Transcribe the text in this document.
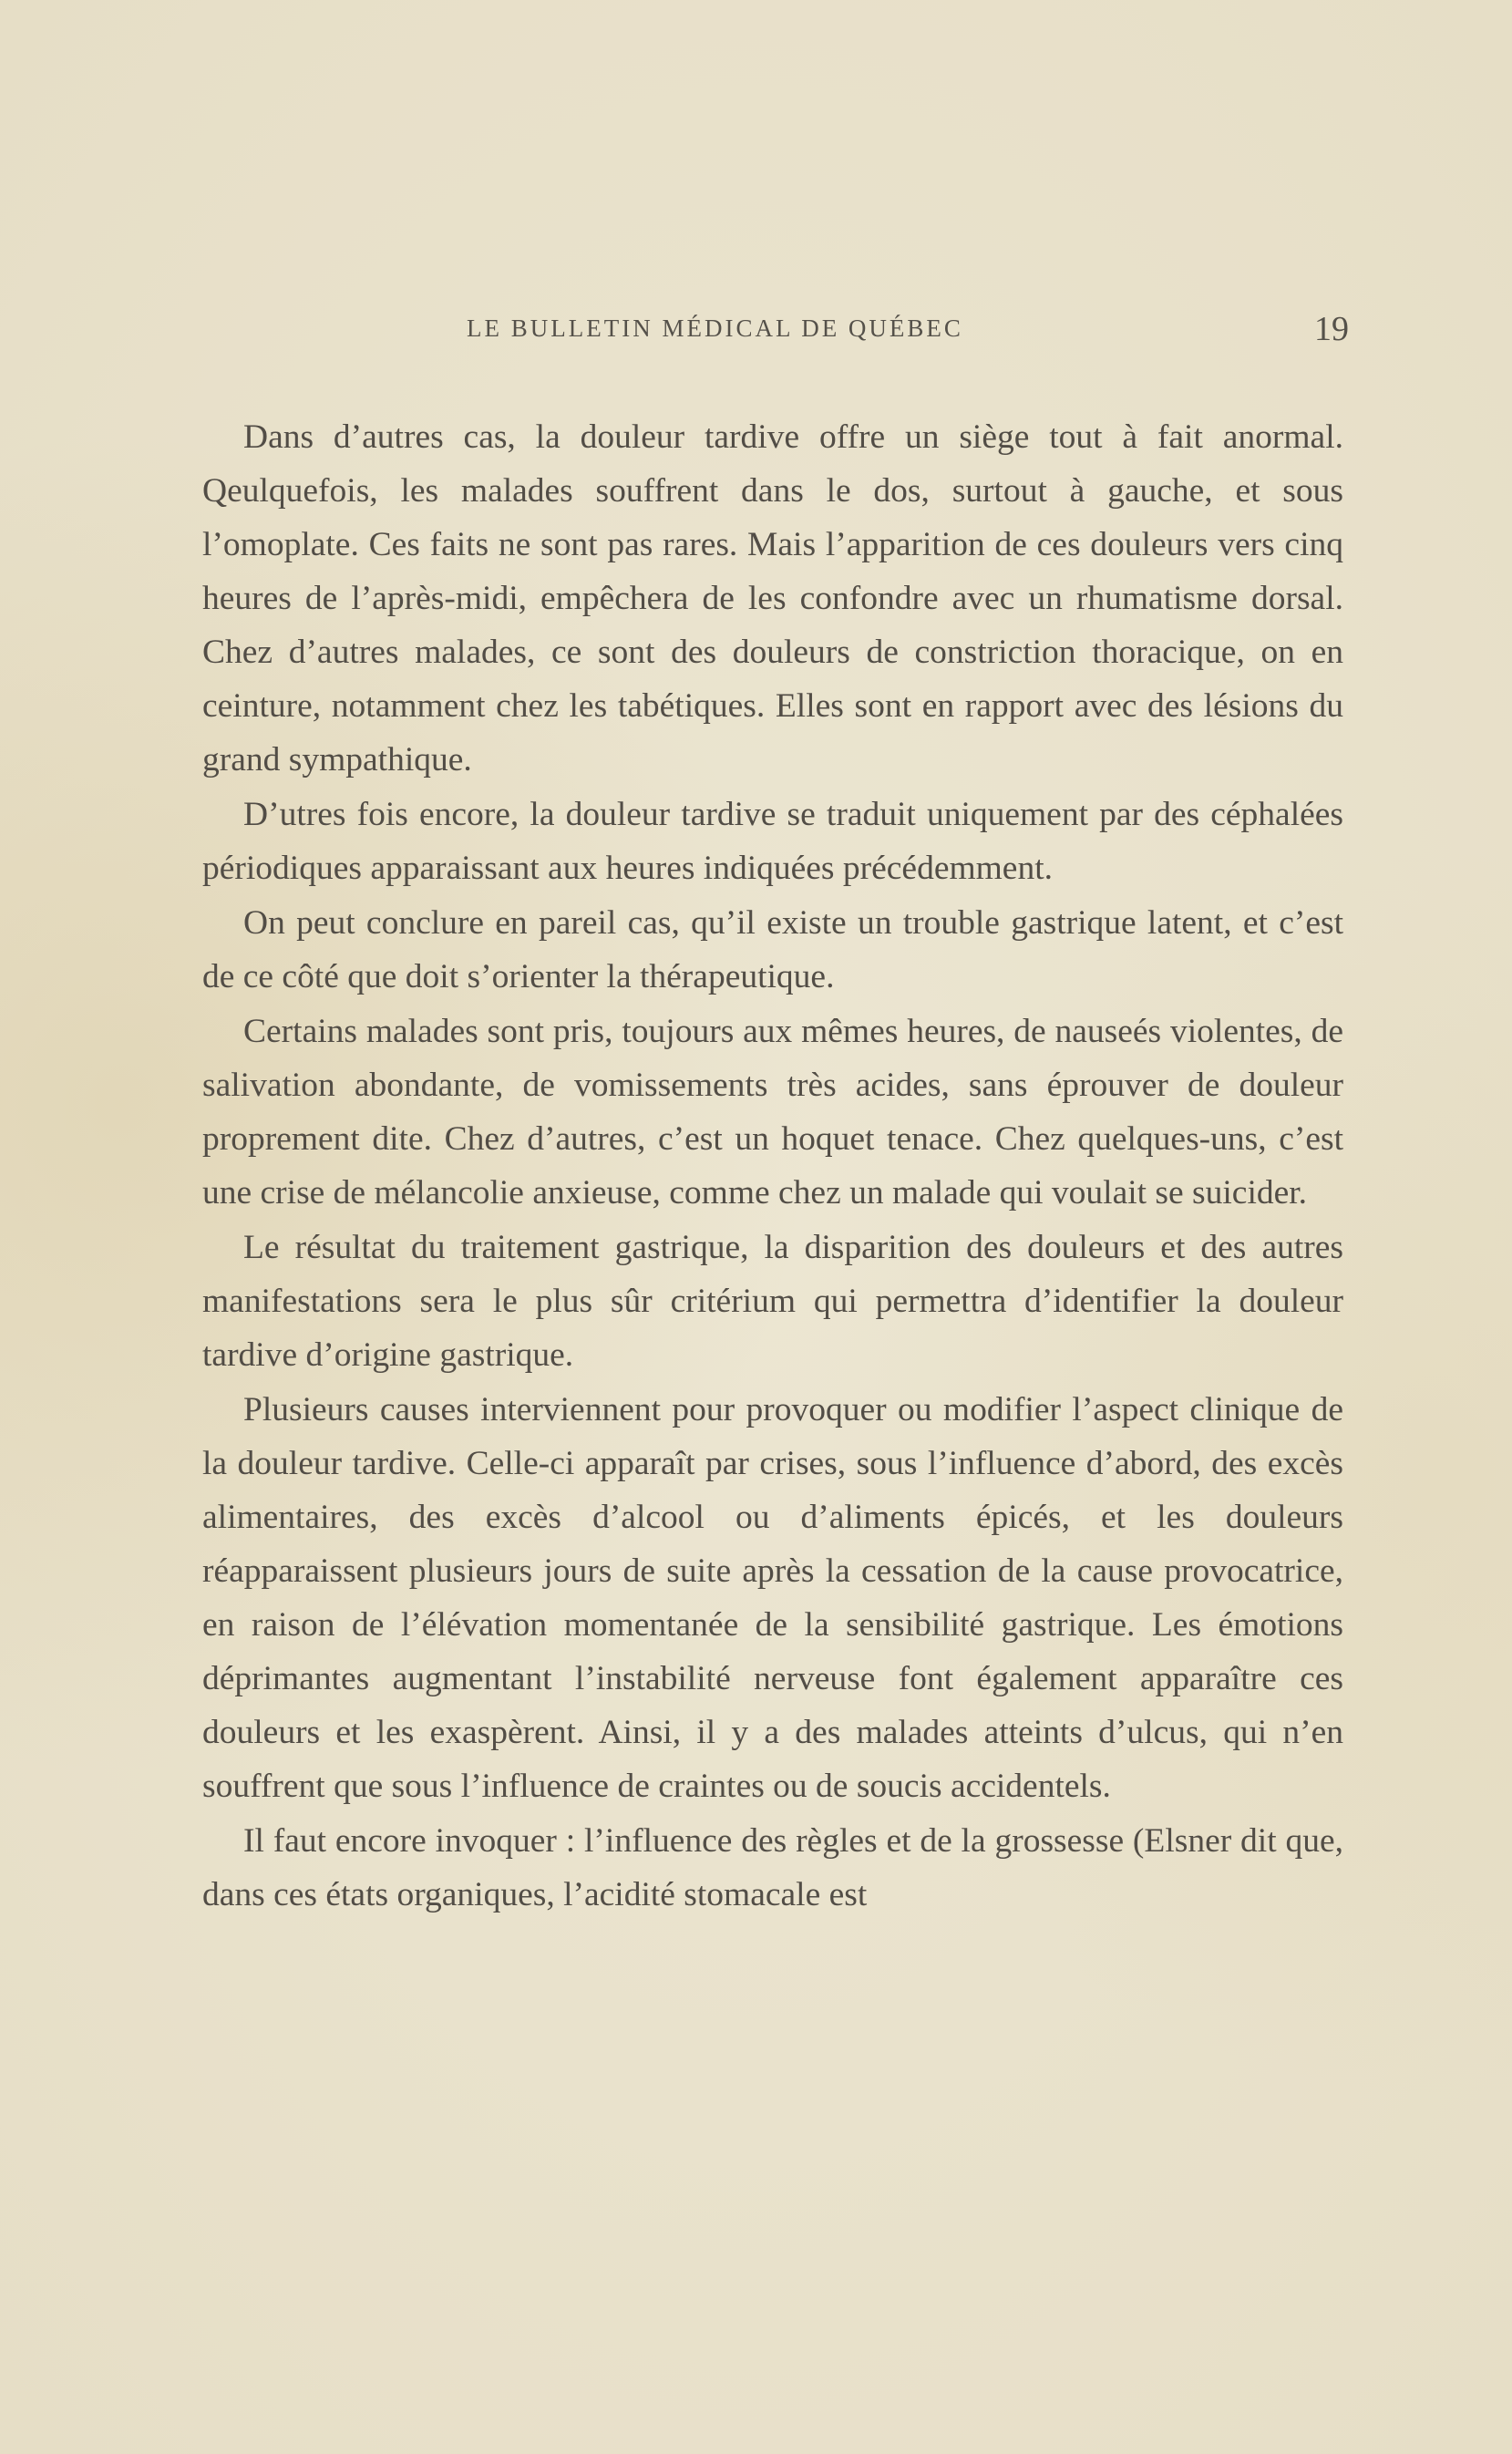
LE BULLETIN MÉDICAL DE QUÉBEC	19

Dans d’autres cas, la douleur tardive offre un siège tout à fait anormal. Qeulquefois, les malades souffrent dans le dos, surtout à gauche, et sous l’omoplate. Ces faits ne sont pas rares. Mais l’apparition de ces douleurs vers cinq heures de l’après-midi, empêchera de les confondre avec un rhumatisme dorsal. Chez d’autres malades, ce sont des douleurs de constriction thoracique, on en ceinture, notamment chez les tabétiques. Elles sont en rapport avec des lésions du grand sympathique.

D’utres fois encore, la douleur tardive se traduit uniquement par des céphalées périodiques apparaissant aux heures indiquées précédemment.

On peut conclure en pareil cas, qu’il existe un trouble gastrique latent, et c’est de ce côté que doit s’orienter la thérapeutique.

Certains malades sont pris, toujours aux mêmes heures, de nauseés violentes, de salivation abondante, de vomissements très acides, sans éprouver de douleur proprement dite. Chez d’autres, c’est un hoquet tenace. Chez quelques-uns, c’est une crise de mélancolie anxieuse, comme chez un malade qui voulait se suicider.

Le résultat du traitement gastrique, la disparition des douleurs et des autres manifestations sera le plus sûr critérium qui permettra d’identifier la douleur tardive d’origine gastrique.

Plusieurs causes interviennent pour provoquer ou modifier l’aspect clinique de la douleur tardive. Celle-ci apparaît par crises, sous l’influence d’abord, des excès alimentaires, des excès d’alcool ou d’aliments épicés, et les douleurs réapparaissent plusieurs jours de suite après la cessation de la cause provocatrice, en raison de l’élévation momentanée de la sensibilité gastrique. Les émotions déprimantes augmentant l’instabilité nerveuse font également apparaître ces douleurs et les exaspèrent. Ainsi, il y a des malades atteints d’ulcus, qui n’en souffrent que sous l’influence de craintes ou de soucis accidentels.

Il faut encore invoquer : l’influence des règles et de la grossesse (Elsner dit que, dans ces états organiques, l’acidité stomacale est
